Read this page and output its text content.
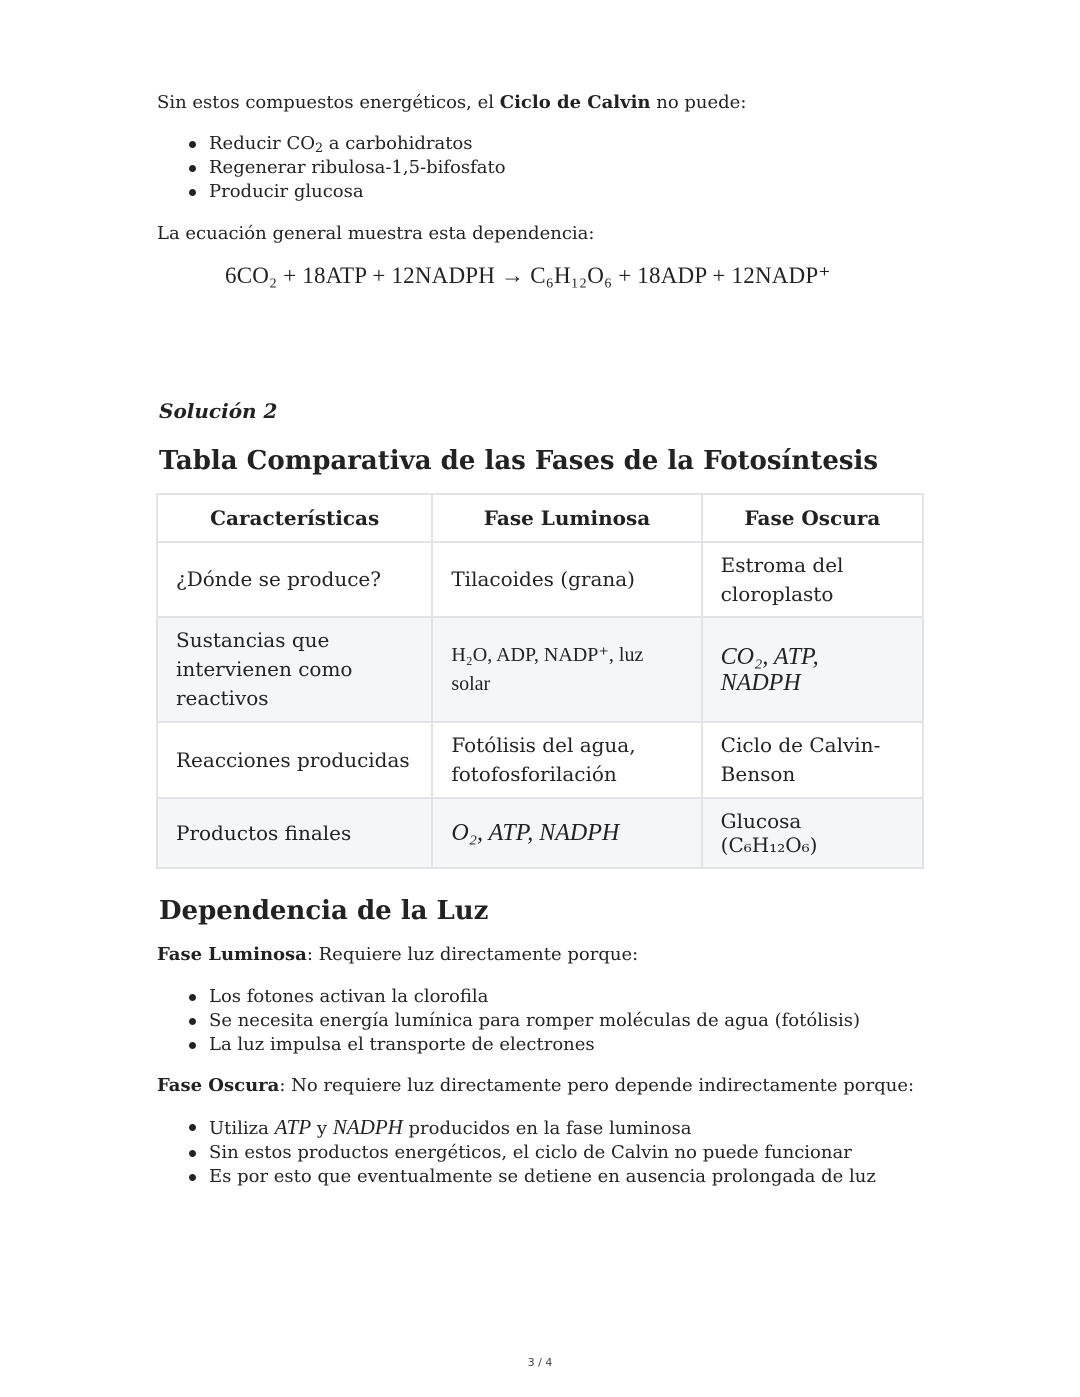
Sin estos compuestos energéticos, el Ciclo de Calvin no puede:

Reducir $CO_2$ a carbohidratos
Regenerar ribulosa-1,5-bifosfato
Producir glucosa

La ecuación general muestra esta dependencia:

6CO₂ + 18ATP + 12NADPH → C₆H₁₂O₆ + 18ADP + 12NADP⁺
Solución 2
Tabla Comparativa de las Fases de la Fotosíntesis
Características	Fase Luminosa	Fase Oscura
¿Dónde se produce?	Tilacoides (grana)	Estroma del cloroplasto
Sustancias que intervienen como reactivos	H₂O, ADP, NADP⁺, luz solar	CO₂, ATP, NADPH
Reacciones producidas	Fotólisis del agua, fotofosforilación	Ciclo de Calvin-Benson
Productos finales	O₂, ATP, NADPH	Glucosa (C₆H₁₂O₆)
Dependencia de la Luz

Fase Luminosa: Requiere luz directamente porque:

Los fotones activan la clorofila
Se necesita energía lumínica para romper moléculas de agua (fotólisis)
La luz impulsa el transporte de electrones

Fase Oscura: No requiere luz directamente pero depende indirectamente porque:

Utiliza ATP y NADPH producidos en la fase luminosa
Sin estos productos energéticos, el ciclo de Calvin no puede funcionar
Es por esto que eventualmente se detiene en ausencia prolongada de luz
3 / 4
